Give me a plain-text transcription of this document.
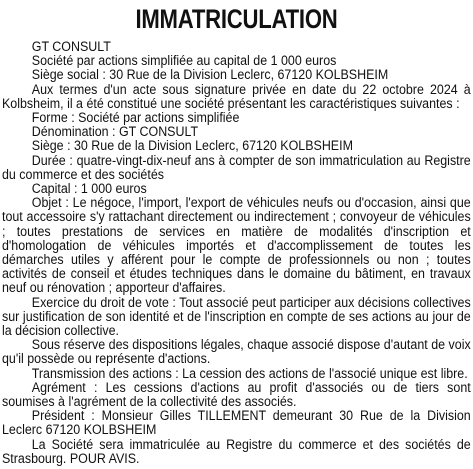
IMMATRICULATION

GT CONSULT

Société par actions simplifiée au capital de 1 000 euros

Siège social : 30 Rue de la Division Leclerc, 67120 KOLBSHEIM

Aux termes d'un acte sous signature privée en date du 22 octobre 2024 à Kolbsheim, il a été constitué une société présentant les caractéristiques suivantes :

Forme : Société par actions simplifiée

Dénomination : GT CONSULT

Siège : 30 Rue de la Division Leclerc, 67120 KOLBSHEIM

Durée : quatre-vingt-dix-neuf ans à compter de son immatriculation au Registre du commerce et des sociétés

Capital : 1 000 euros

Objet : Le négoce, l'import, l'export de véhicules neufs ou d'occasion, ainsi que tout accessoire s'y rattachant directement ou indirectement ; convoyeur de véhicules ; toutes prestations de services en matière de modalités d'inscription et d'homologation de véhicules importés et d'accomplissement de toutes les démarches utiles y afférent pour le compte de professionnels ou non ; toutes activités de conseil et études techniques dans le domaine du bâtiment, en travaux neuf ou rénovation ; apporteur d'affaires.

Exercice du droit de vote : Tout associé peut participer aux décisions collectives sur justification de son identité et de l'inscription en compte de ses actions au jour de la décision collective.

Sous réserve des dispositions légales, chaque associé dispose d'autant de voix qu'il possède ou représente d'actions.

Transmission des actions : La cession des actions de l'associé unique est libre.

Agrément : Les cessions d'actions au profit d'associés ou de tiers sont soumises à l'agrément de la collectivité des associés.

Président : Monsieur Gilles TILLEMENT demeurant 30 Rue de la Division Leclerc 67120 KOLBSHEIM

La Société sera immatriculée au Registre du commerce et des sociétés de Strasbourg. POUR AVIS.
